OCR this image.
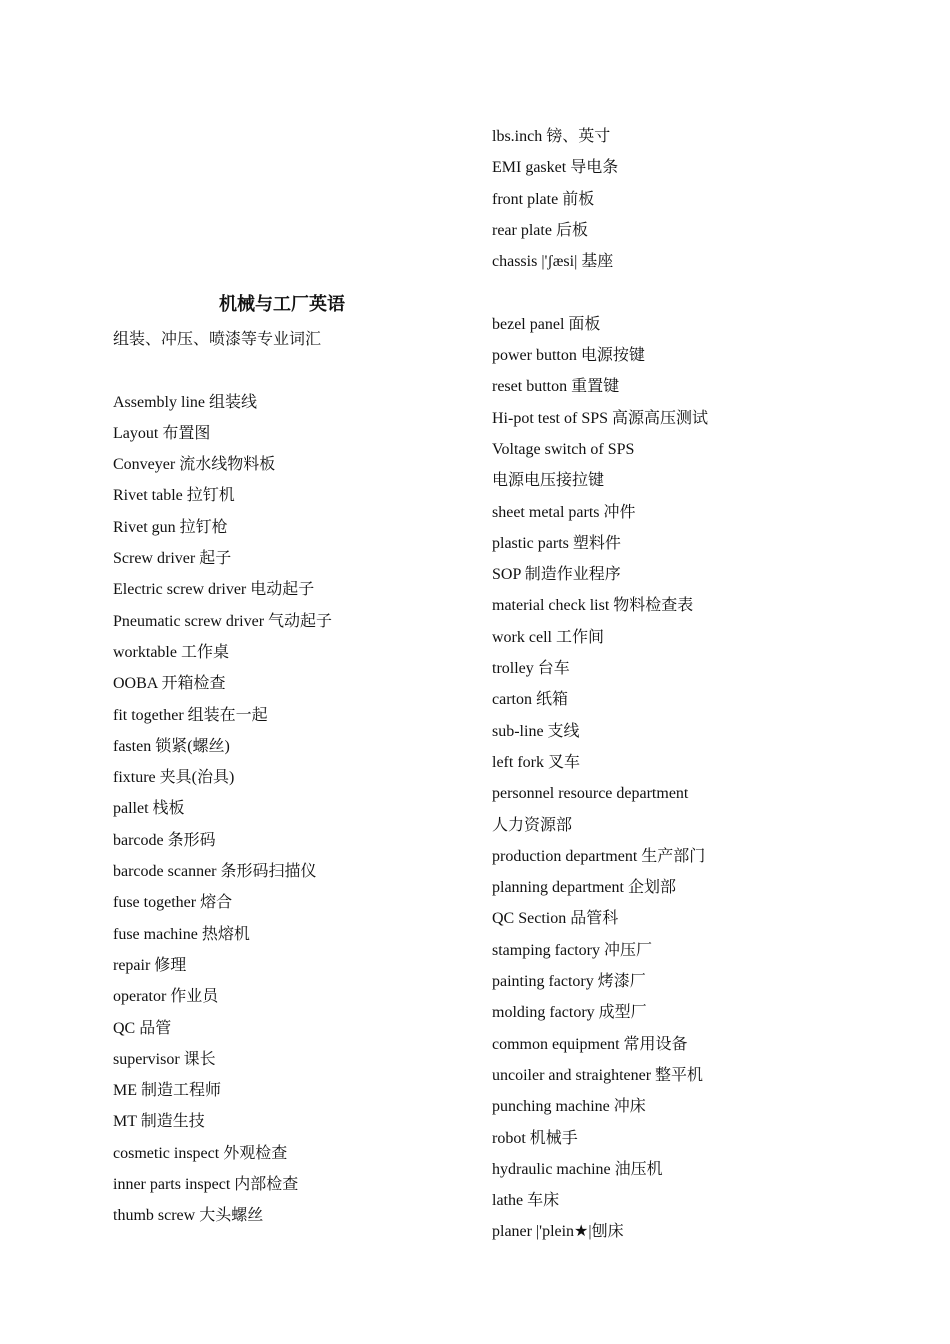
机械与工厂英语
组装、冲压、喷漆等专业词汇
Assembly line 组装线
Layout 布置图
Conveyer 流水线物料板
Rivet table 拉钉机
Rivet gun 拉钉枪
Screw driver 起子
Electric screw driver 电动起子
Pneumatic screw driver 气动起子
worktable 工作桌
OOBA 开箱检查
fit together 组装在一起
fasten 锁紧(螺丝)
fixture 夹具(治具)
pallet 栈板
barcode 条形码
barcode scanner 条形码扫描仪
fuse together 熔合
fuse machine 热熔机
repair 修理
operator 作业员
QC 品管
supervisor 课长
ME 制造工程师
MT 制造生技
cosmetic inspect 外观检查
inner parts inspect 内部检查
thumb screw 大头螺丝
lbs.inch 镑、英寸
EMI gasket 导电条
front plate 前板
rear plate 后板
chassis |'ʃæsi| 基座
bezel panel 面板
power button 电源按键
reset button 重置键
Hi-pot test of SPS 高源高压测试
Voltage switch of SPS
电源电压接拉键
sheet metal parts 冲件
plastic parts 塑料件
SOP 制造作业程序
material check list 物料检查表
work cell 工作间
trolley 台车
carton 纸箱
sub-line 支线
left fork 叉车
personnel resource department
人力资源部
production department 生产部门
planning department 企划部
QC Section 品管科
stamping factory 冲压厂
painting factory 烤漆厂
molding factory 成型厂
common equipment 常用设备
uncoiler and straightener 整平机
punching machine 冲床
robot 机械手
hydraulic machine 油压机
lathe 车床
planer |'plein★|刨床
